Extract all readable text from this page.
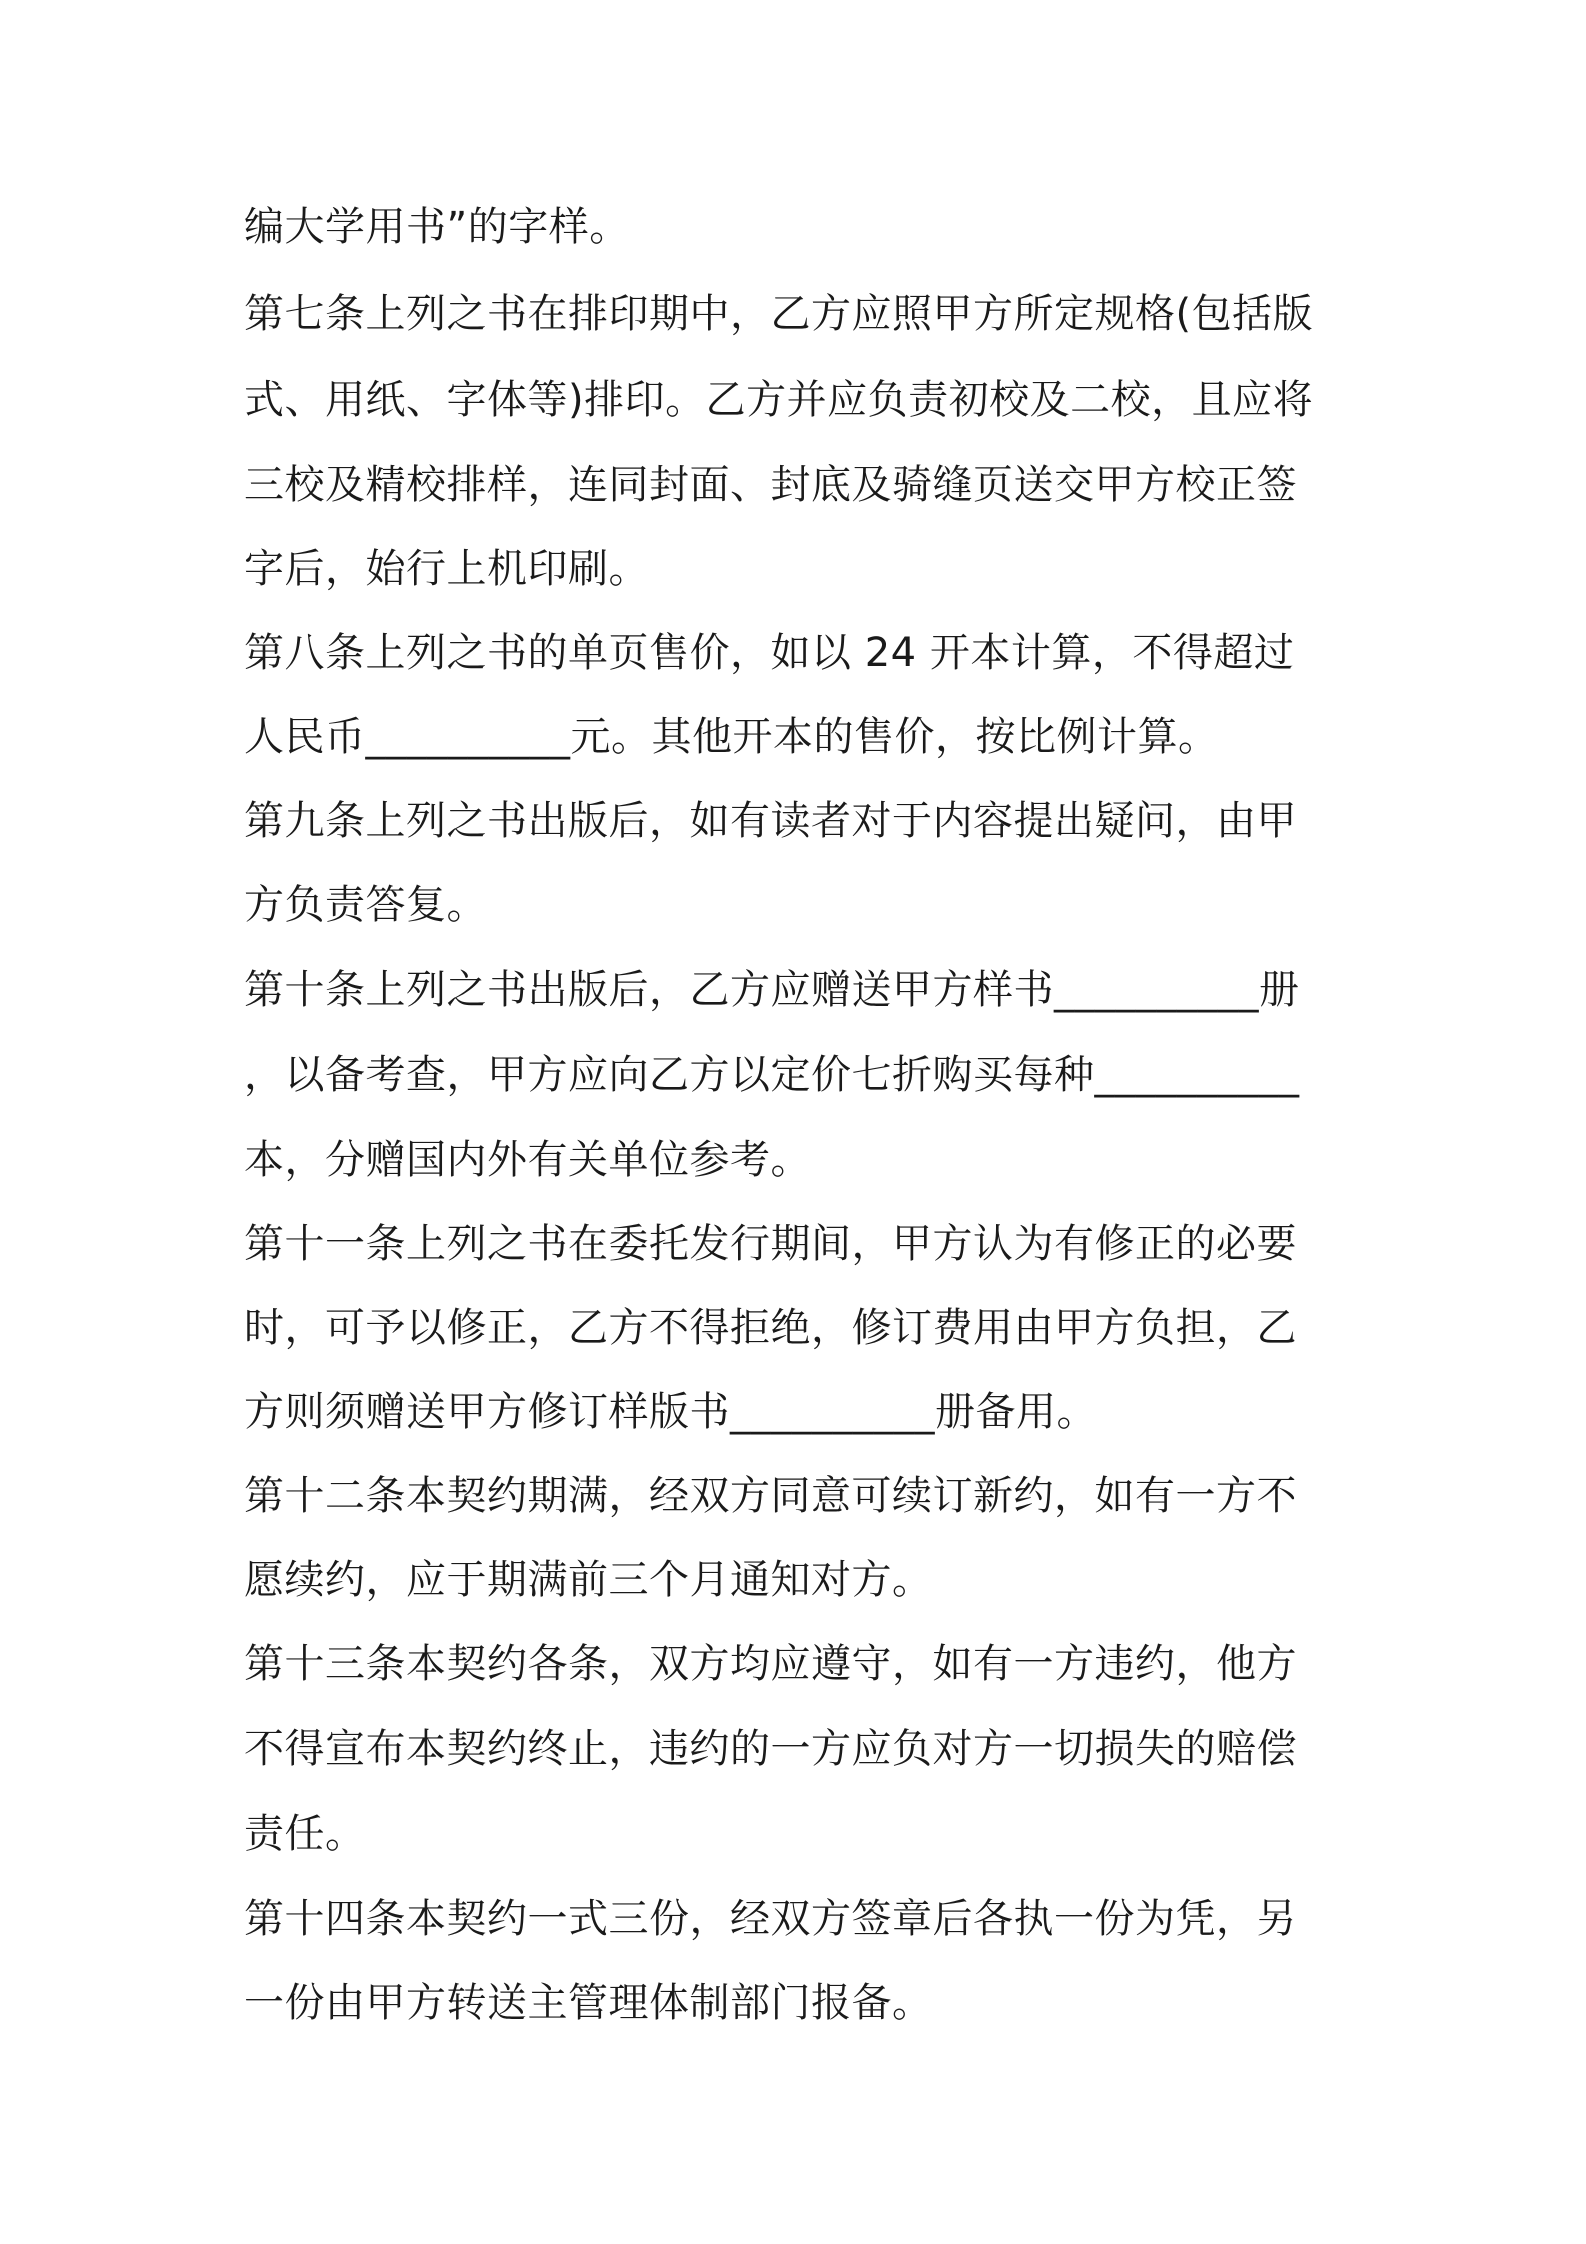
编大学用书”的字样。
第七条上列之书在排印期中，乙方应照甲方所定规格(包括版
式、用纸、字体等)排印。乙方并应负责初校及二校，且应将
三校及精校排样，连同封面、封底及骑缝页送交甲方校正签
字后，始行上机印刷。
第八条上列之书的单页售价，如以 24 开本计算，不得超过
人民币__________元。其他开本的售价，按比例计算。
第九条上列之书出版后，如有读者对于内容提出疑问，由甲
方负责答复。
第十条上列之书出版后，乙方应赠送甲方样书__________册
，以备考查，甲方应向乙方以定价七折购买每种__________
本，分赠国内外有关单位参考。
第十一条上列之书在委托发行期间，甲方认为有修正的必要
时，可予以修正，乙方不得拒绝，修订费用由甲方负担，乙
方则须赠送甲方修订样版书__________册备用。
第十二条本契约期满，经双方同意可续订新约，如有一方不
愿续约，应于期满前三个月通知对方。
第十三条本契约各条，双方均应遵守，如有一方违约，他方
不得宣布本契约终止，违约的一方应负对方一切损失的赔偿
责任。
第十四条本契约一式三份，经双方签章后各执一份为凭，另
一份由甲方转送主管理体制部门报备。
